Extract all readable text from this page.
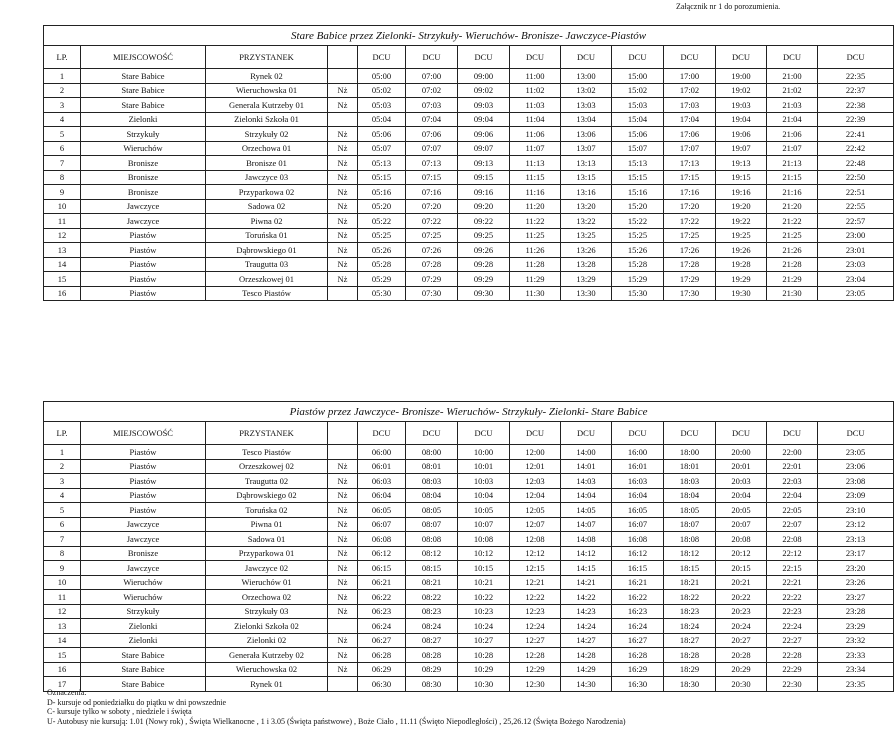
Załącznik nr 1 do porozumienia.
Stare Babice przez Zielonki- Strzykuły- Wieruchów- Bronisze- Jawczyce-Piastów													
LP.	MIEJSCOWOŚĆ	PRZYSTANEK		DCU	DCU	DCU	DCU	DCU	DCU	DCU	DCU	DCU	DCU
1	Stare Babice	Rynek 02		05:00	07:00	09:00	11:00	13:00	15:00	17:00	19:00	21:00	22:35
2	Stare Babice	Wieruchowska 01	Nż	05:02	07:02	09:02	11:02	13:02	15:02	17:02	19:02	21:02	22:37
3	Stare Babice	Generala Kutrzeby 01	Nż	05:03	07:03	09:03	11:03	13:03	15:03	17:03	19:03	21:03	22:38
4	Zielonki	Zielonki Szkoła 01		05:04	07:04	09:04	11:04	13:04	15:04	17:04	19:04	21:04	22:39
5	Strzykuły	Strzykuły 02	Nż	05:06	07:06	09:06	11:06	13:06	15:06	17:06	19:06	21:06	22:41
6	Wieruchów	Orzechowa 01	Nż	05:07	07:07	09:07	11:07	13:07	15:07	17:07	19:07	21:07	22:42
7	Bronisze	Bronisze 01	Nż	05:13	07:13	09:13	11:13	13:13	15:13	17:13	19:13	21:13	22:48
8	Bronisze	Jawczyce 03	Nż	05:15	07:15	09:15	11:15	13:15	15:15	17:15	19:15	21:15	22:50
9	Bronisze	Przyparkowa 02	Nż	05:16	07:16	09:16	11:16	13:16	15:16	17:16	19:16	21:16	22:51
10	Jawczyce	Sadowa 02	Nż	05:20	07:20	09:20	11:20	13:20	15:20	17:20	19:20	21:20	22:55
11	Jawczyce	Piwna 02	Nż	05:22	07:22	09:22	11:22	13:22	15:22	17:22	19:22	21:22	22:57
12	Piastów	Toruńska 01	Nż	05:25	07:25	09:25	11:25	13:25	15:25	17:25	19:25	21:25	23:00
13	Piastów	Dąbrowskiego 01	Nż	05:26	07:26	09:26	11:26	13:26	15:26	17:26	19:26	21:26	23:01
14	Piastów	Traugutta 03	Nż	05:28	07:28	09:28	11:28	13:28	15:28	17:28	19:28	21:28	23:03
15	Piastów	Orzeszkowej 01	Nż	05:29	07:29	09:29	11:29	13:29	15:29	17:29	19:29	21:29	23:04
16	Piastów	Tesco Piastów		05:30	07:30	09:30	11:30	13:30	15:30	17:30	19:30	21:30	23:05
Piastów przez Jawczyce- Bronisze- Wieruchów- Strzykuły- Zielonki- Stare Babice													
LP.	MIEJSCOWOŚĆ	PRZYSTANEK		DCU	DCU	DCU	DCU	DCU	DCU	DCU	DCU	DCU	DCU
1	Piastów	Tesco Piastów		06:00	08:00	10:00	12:00	14:00	16:00	18:00	20:00	22:00	23:05
2	Piastów	Orzeszkowej 02	Nż	06:01	08:01	10:01	12:01	14:01	16:01	18:01	20:01	22:01	23:06
3	Piastów	Traugutta 02	Nż	06:03	08:03	10:03	12:03	14:03	16:03	18:03	20:03	22:03	23:08
4	Piastów	Dąbrowskiego 02	Nż	06:04	08:04	10:04	12:04	14:04	16:04	18:04	20:04	22:04	23:09
5	Piastów	Toruńska 02	Nż	06:05	08:05	10:05	12:05	14:05	16:05	18:05	20:05	22:05	23:10
6	Jawczyce	Piwna 01	Nż	06:07	08:07	10:07	12:07	14:07	16:07	18:07	20:07	22:07	23:12
7	Jawczyce	Sadowa 01	Nż	06:08	08:08	10:08	12:08	14:08	16:08	18:08	20:08	22:08	23:13
8	Bronisze	Przyparkowa 01	Nż	06:12	08:12	10:12	12:12	14:12	16:12	18:12	20:12	22:12	23:17
9	Jawczyce	Jawczyce 02	Nż	06:15	08:15	10:15	12:15	14:15	16:15	18:15	20:15	22:15	23:20
10	Wieruchów	Wieruchów 01	Nż	06:21	08:21	10:21	12:21	14:21	16:21	18:21	20:21	22:21	23:26
11	Wieruchów	Orzechowa 02	Nż	06:22	08:22	10:22	12:22	14:22	16:22	18:22	20:22	22:22	23:27
12	Strzykuły	Strzykuły 03	Nż	06:23	08:23	10:23	12:23	14:23	16:23	18:23	20:23	22:23	23:28
13	Zielonki	Zielonki Szkoła 02		06:24	08:24	10:24	12:24	14:24	16:24	18:24	20:24	22:24	23:29
14	Zielonki	Zielonki 02	Nż	06:27	08:27	10:27	12:27	14:27	16:27	18:27	20:27	22:27	23:32
15	Stare Babice	Generała Kutrzeby 02	Nż	06:28	08:28	10:28	12:28	14:28	16:28	18:28	20:28	22:28	23:33
16	Stare Babice	Wieruchowska 02	Nż	06:29	08:29	10:29	12:29	14:29	16:29	18:29	20:29	22:29	23:34
17	Stare Babice	Rynek 01		06:30	08:30	10:30	12:30	14:30	16:30	18:30	20:30	22:30	23:35
Oznaczenia:
D- kursuje od poniedziałku do piątku w dni powszednie
C- kursuje tylko w soboty , niedziele i święta
U- Autobusy nie kursują: 1.01 (Nowy rok) , Święta Wielkanocne , 1 i 3.05 (Święta państwowe) , Boże Ciało , 11.11 (Święto Niepodległości) , 25,26.12 (Święta Bożego Narodzenia)
